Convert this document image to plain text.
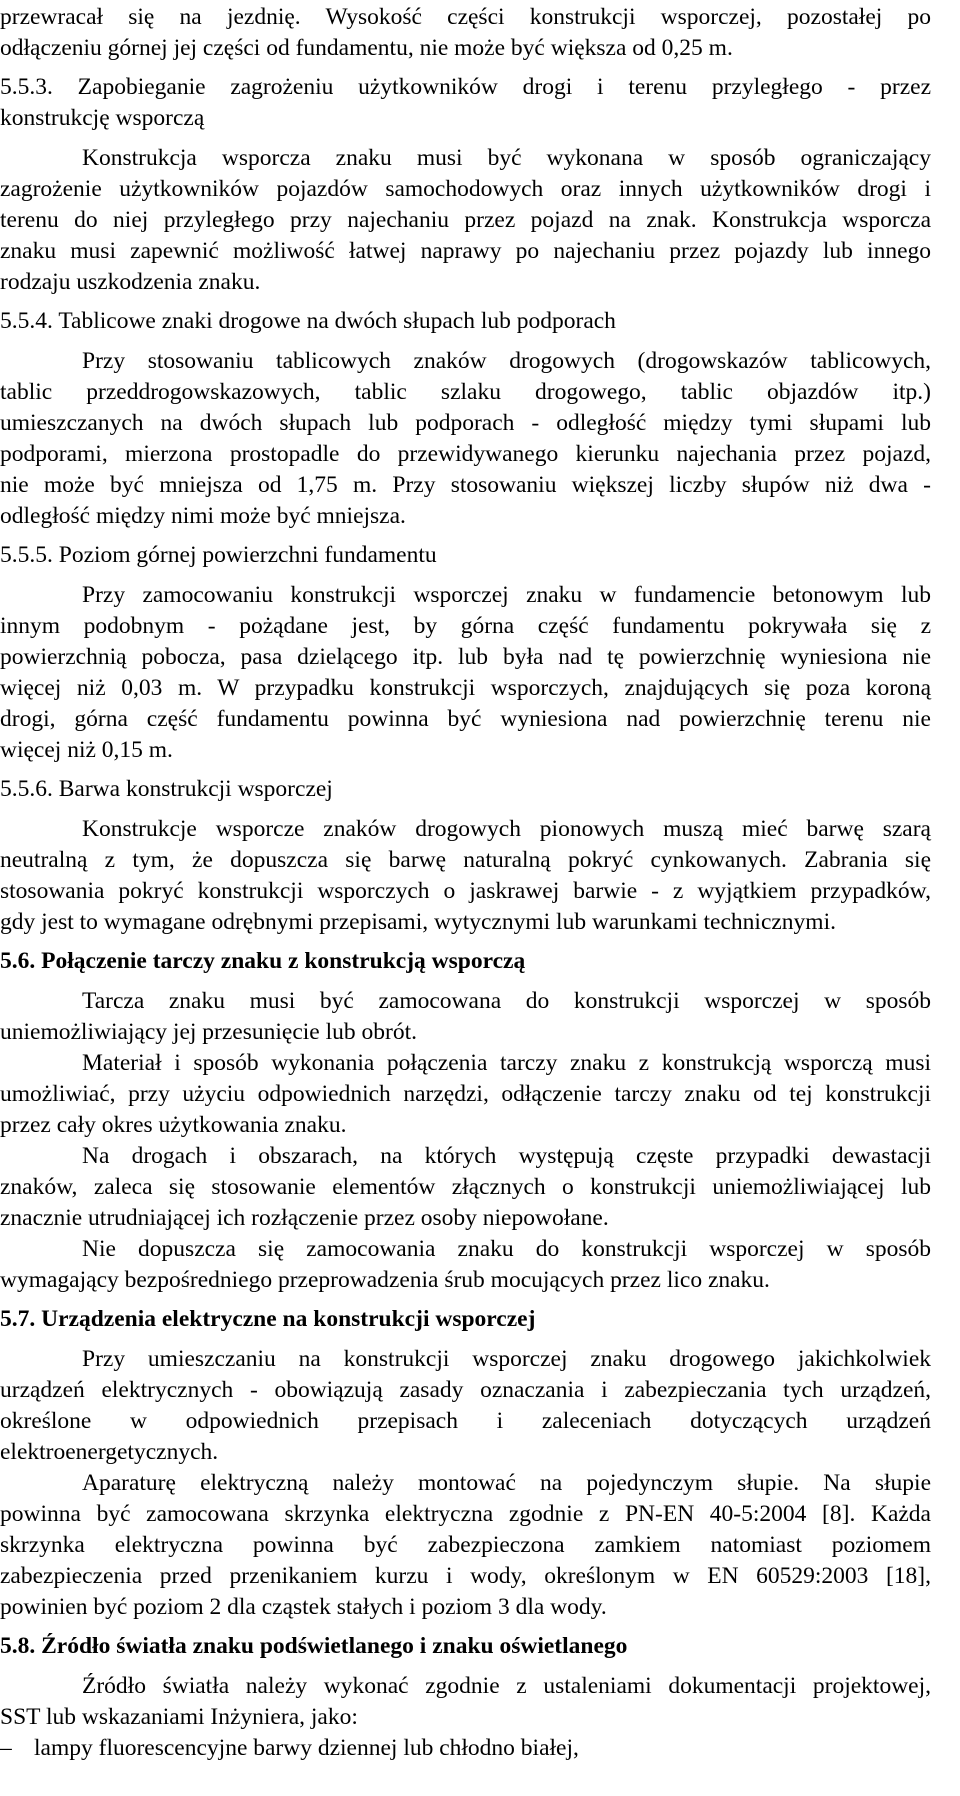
przewracał się na jezdnię. Wysokość części konstrukcji wsporczej, pozostałej po
odłączeniu górnej jej części od fundamentu, nie może być większa od 0,25 m.
5.5.3. Zapobieganie zagrożeniu użytkowników drogi i terenu przyległego - przez
konstrukcję wsporczą
Konstrukcja wsporcza znaku musi być wykonana w sposób ograniczający
zagrożenie użytkowników pojazdów samochodowych oraz innych użytkowników drogi i
terenu do niej przyległego przy najechaniu przez pojazd na znak. Konstrukcja wsporcza
znaku musi zapewnić możliwość łatwej naprawy po najechaniu przez pojazdy lub innego
rodzaju uszkodzenia znaku.
5.5.4. Tablicowe znaki drogowe na dwóch słupach lub podporach
Przy stosowaniu tablicowych znaków drogowych (drogowskazów tablicowych,
tablic przeddrogowskazowych, tablic szlaku drogowego, tablic objazdów itp.)
umieszczanych na dwóch słupach lub podporach - odległość między tymi słupami lub
podporami, mierzona prostopadle do przewidywanego kierunku najechania przez pojazd,
nie może być mniejsza od 1,75 m. Przy stosowaniu większej liczby słupów niż dwa -
odległość między nimi może być mniejsza.
5.5.5. Poziom górnej powierzchni fundamentu
Przy zamocowaniu konstrukcji wsporczej znaku w fundamencie betonowym lub
innym podobnym - pożądane jest, by górna część fundamentu pokrywała się z
powierzchnią pobocza, pasa dzielącego itp. lub była nad tę powierzchnię wyniesiona nie
więcej niż 0,03 m. W przypadku konstrukcji wsporczych, znajdujących się poza koroną
drogi, górna część fundamentu powinna być wyniesiona nad powierzchnię terenu nie
więcej niż 0,15 m.
5.5.6. Barwa konstrukcji wsporczej
Konstrukcje wsporcze znaków drogowych pionowych muszą mieć barwę szarą
neutralną z tym, że dopuszcza się barwę naturalną pokryć cynkowanych. Zabrania się
stosowania pokryć konstrukcji wsporczych o jaskrawej barwie - z wyjątkiem przypadków,
gdy jest to wymagane odrębnymi przepisami, wytycznymi lub warunkami technicznymi.
5.6. Połączenie tarczy znaku z konstrukcją wsporczą
Tarcza znaku musi być zamocowana do konstrukcji wsporczej w sposób
uniemożliwiający jej przesunięcie lub obrót.
Materiał i sposób wykonania połączenia tarczy znaku z konstrukcją wsporczą musi
umożliwiać, przy użyciu odpowiednich narzędzi, odłączenie tarczy znaku od tej konstrukcji
przez cały okres użytkowania znaku.
Na drogach i obszarach, na których występują częste przypadki dewastacji
znaków, zaleca się stosowanie elementów złącznych o konstrukcji uniemożliwiającej lub
znacznie utrudniającej ich rozłączenie przez osoby niepowołane.
Nie dopuszcza się zamocowania znaku do konstrukcji wsporczej w sposób
wymagający bezpośredniego przeprowadzenia śrub mocujących przez lico znaku.
5.7. Urządzenia elektryczne na konstrukcji wsporczej
Przy umieszczaniu na konstrukcji wsporczej znaku drogowego jakichkolwiek
urządzeń elektrycznych - obowiązują zasady oznaczania i zabezpieczania tych urządzeń,
określone w odpowiednich przepisach i zaleceniach dotyczących urządzeń
elektroenergetycznych.
Aparaturę elektryczną należy montować na pojedynczym słupie. Na słupie
powinna być zamocowana skrzynka elektryczna zgodnie z PN-EN 40-5:2004 [8]. Każda
skrzynka elektryczna powinna być zabezpieczona zamkiem natomiast poziomem
zabezpieczenia przed przenikaniem kurzu i wody, określonym w EN 60529:2003 [18],
powinien być poziom 2 dla cząstek stałych i poziom 3 dla wody.
5.8. Źródło światła znaku podświetlanego i znaku oświetlanego
Źródło światła należy wykonać zgodnie z ustaleniami dokumentacji projektowej,
SST lub wskazaniami Inżyniera, jako:
– lampy fluorescencyjne barwy dziennej lub chłodno białej,
